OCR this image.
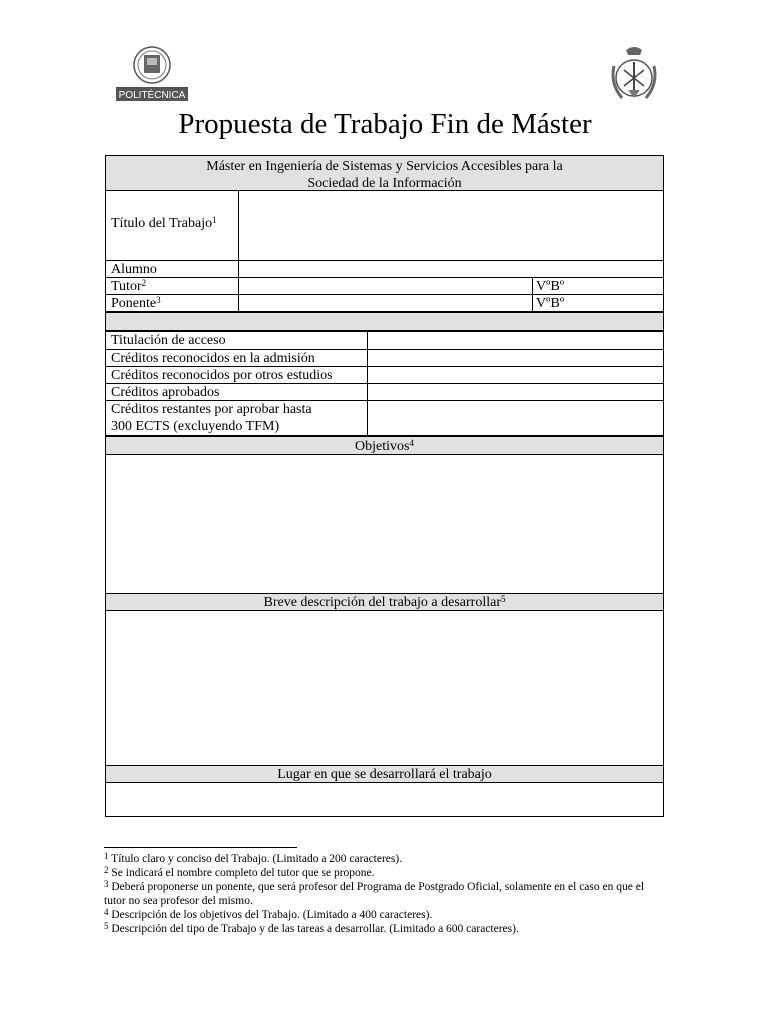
POLITÉCNICA
Propuesta de Trabajo Fin de Máster
Máster en Ingeniería de Sistemas y Servicios Accesibles para la
Sociedad de la Información
Título del Trabajo$^1$
Alumno
Tutor$^2$	VºBº
Ponente$^3$	VºBº
Titulación de acceso
Créditos reconocidos en la admisión
Créditos reconocidos por otros estudios
Créditos aprobados
Créditos restantes por aprobar hasta
300 ECTS (excluyendo TFM)
Objetivos$^4$
Breve descripción del trabajo a desarrollar$^5$
Lugar en que se desarrollará el trabajo
$^1$ Título claro y conciso del Trabajo. (Limitado a 200 caracteres).
$^2$ Se indicará el nombre completo del tutor que se propone.
$^3$ Deberá proponerse un ponente, que será profesor del Programa de Postgrado Oficial, solamente en el caso en que el tutor no sea profesor del mismo.
$^4$ Descripción de los objetivos del Trabajo. (Limitado a 400 caracteres).
$^5$ Descripción del tipo de Trabajo y de las tareas a desarrollar. (Limitado a 600 caracteres).
